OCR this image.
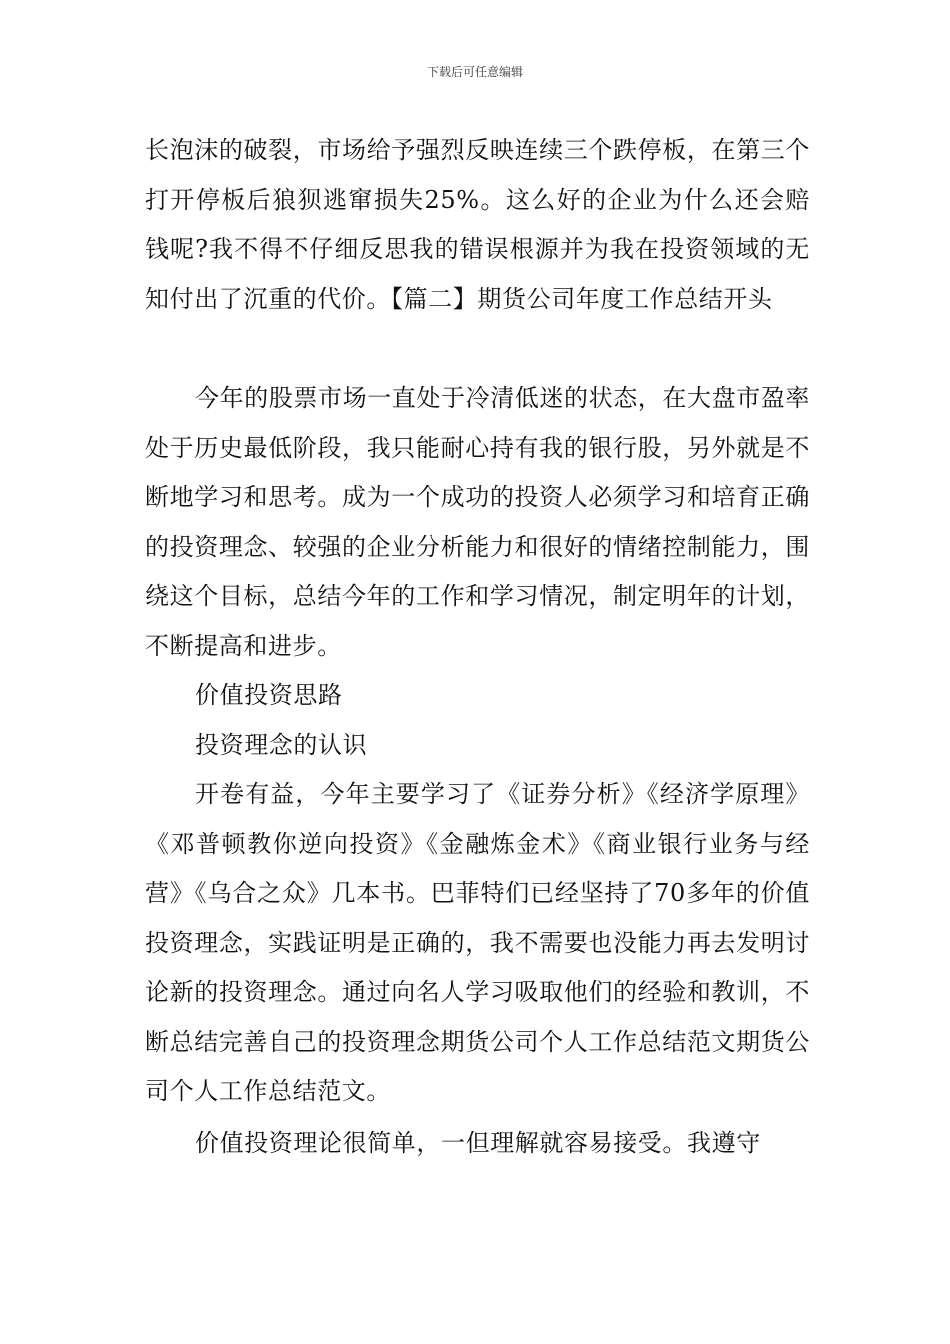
下载后可任意编辑

长泡沫的破裂，市场给予强烈反映连续三个跌停板，在第三个打开停板后狼狈逃窜损失25%。这么好的企业为什么还会赔钱呢?我不得不仔细反思我的错误根源并为我在投资领域的无知付出了沉重的代价。【篇二】期货公司年度工作总结开头

今年的股票市场一直处于冷清低迷的状态，在大盘市盈率处于历史最低阶段，我只能耐心持有我的银行股，另外就是不断地学习和思考。成为一个成功的投资人必须学习和培育正确的投资理念、较强的企业分析能力和很好的情绪控制能力，围绕这个目标，总结今年的工作和学习情况，制定明年的计划，不断提高和进步。

价值投资思路

投资理念的认识

开卷有益，今年主要学习了《证券分析》《经济学原理》《邓普顿教你逆向投资》《金融炼金术》《商业银行业务与经营》《乌合之众》几本书。巴菲特们已经坚持了70多年的价值投资理念，实践证明是正确的，我不需要也没能力再去发明讨论新的投资理念。通过向名人学习吸取他们的经验和教训，不断总结完善自己的投资理念期货公司个人工作总结范文期货公司个人工作总结范文。

价值投资理论很简单，一但理解就容易接受。我遵守
